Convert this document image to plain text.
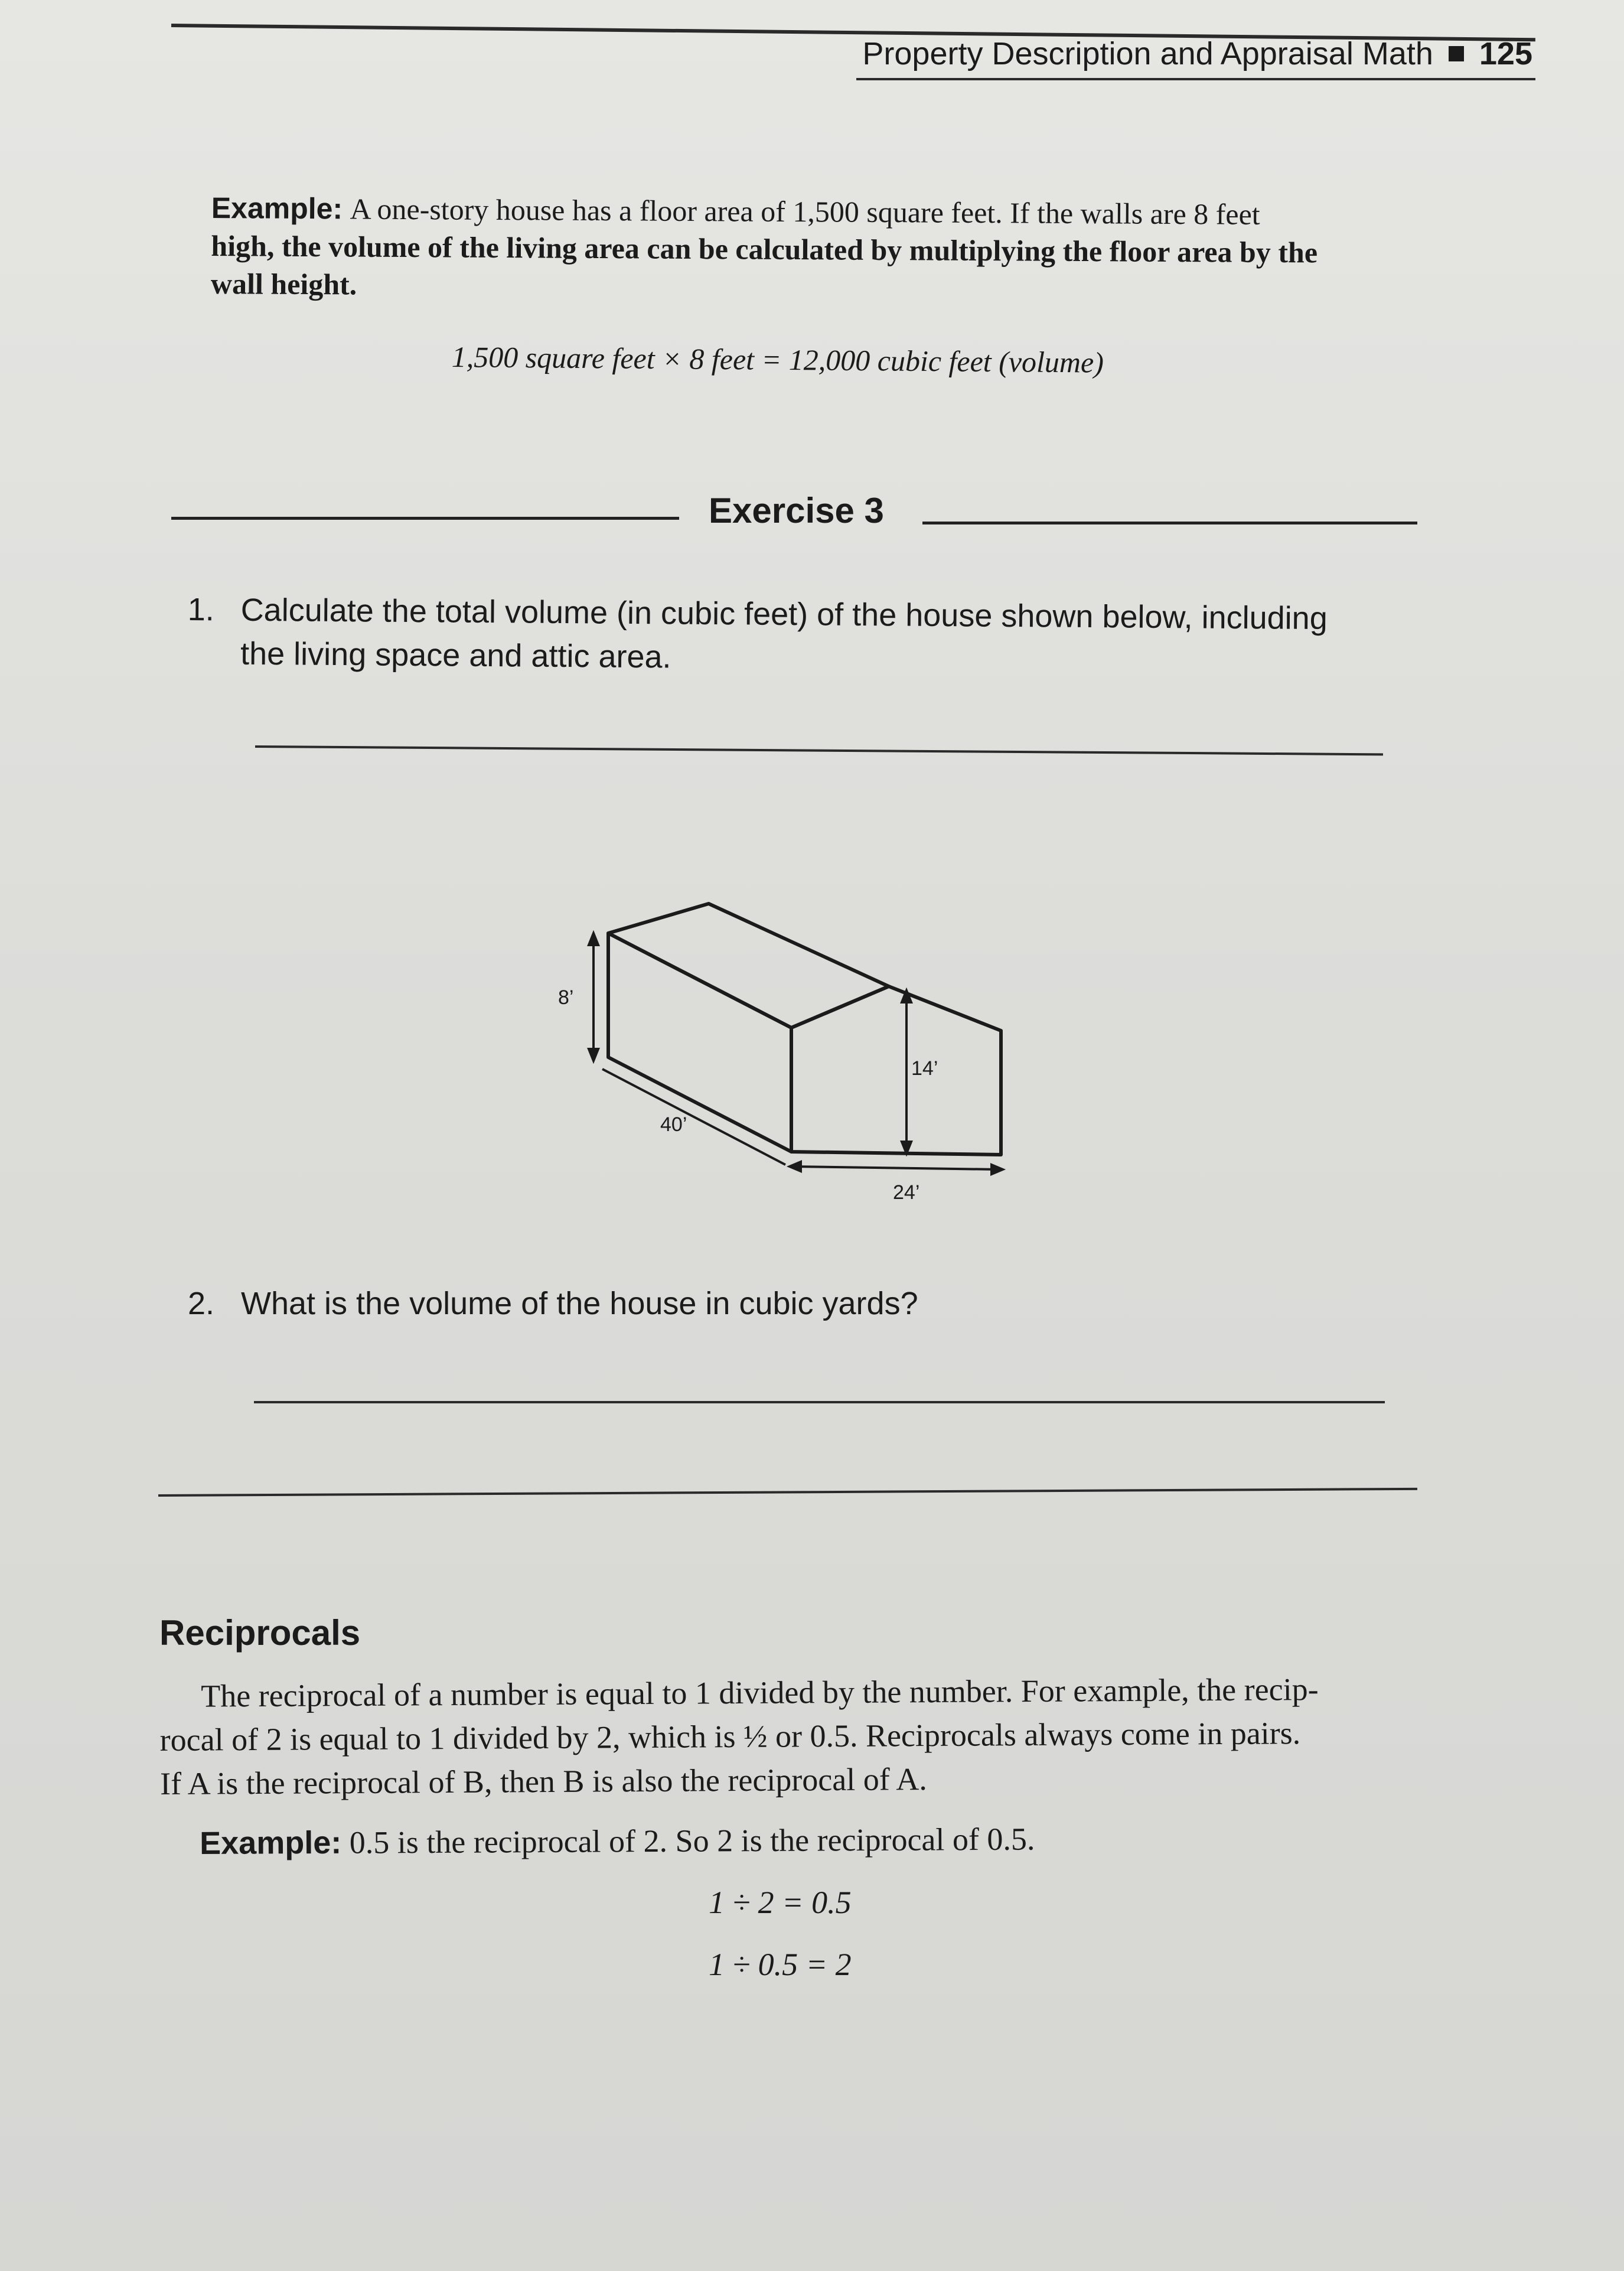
Property Description and Appraisal Math 125
Example: A one-story house has a floor area of 1,500 square feet. If the walls are 8 feet
high, the volume of the living area can be calculated by multiplying the floor area by the
wall height.
1,500 square feet × 8 feet = 12,000 cubic feet (volume)
Exercise 3
1. Calculate the total volume (in cubic feet) of the house shown below, including
the living space and attic area.
8’
14’
40’
24’
2. What is the volume of the house in cubic yards?
Reciprocals
The reciprocal of a number is equal to 1 divided by the number. For example, the recip-
rocal of 2 is equal to 1 divided by 2, which is ½ or 0.5. Reciprocals always come in pairs.
If A is the reciprocal of B, then B is also the reciprocal of A.
Example: 0.5 is the reciprocal of 2. So 2 is the reciprocal of 0.5.
1 ÷ 2 = 0.5
1 ÷ 0.5 = 2
